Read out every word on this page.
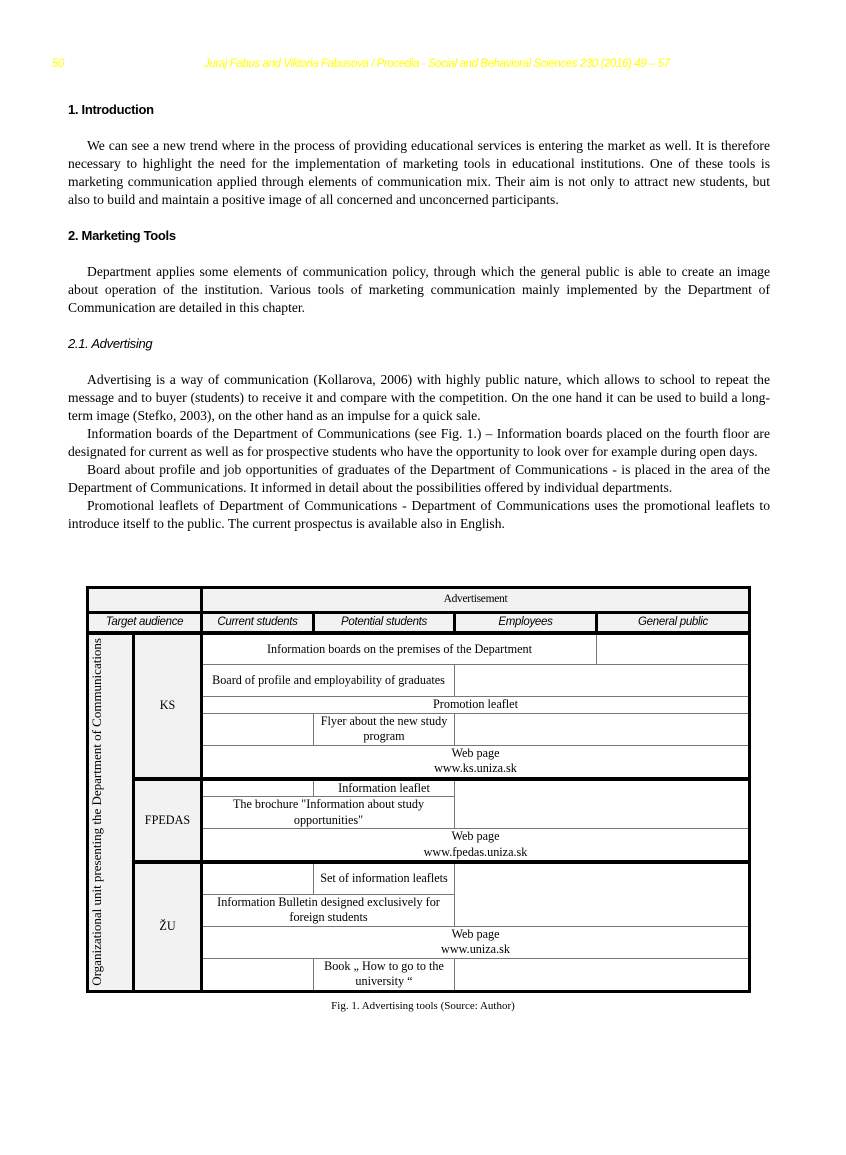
50	Juraj Fabus and Viktoria Fabusova / Procedia - Social and Behavioral Sciences 230 (2016) 49 – 57
1. Introduction
We can see a new trend where in the process of providing educational services is entering the market as well. It is therefore necessary to highlight the need for the implementation of marketing tools in educational institutions. One of these tools is marketing communication applied through elements of communication mix. Their aim is not only to attract new students, but also to build and maintain a positive image of all concerned and unconcerned participants.
2. Marketing Tools
Department applies some elements of communication policy, through which the general public is able to create an image about operation of the institution. Various tools of marketing communication mainly implemented by the Department of Communication are detailed in this chapter.
2.1. Advertising
Advertising is a way of communication (Kollarova, 2006) with highly public nature, which allows to school to repeat the message and to buyer (students) to receive it and compare with the competition. On the one hand it can be used to build a long-term image (Stefko, 2003), on the other hand as an impulse for a quick sale.
Information boards of the Department of Communications (see Fig. 1.) – Information boards placed on the fourth floor are designated for current as well as for prospective students who have the opportunity to look over for example during open days.
Board about profile and job opportunities of graduates of the Department of Communications - is placed in the area of the Department of Communications. It informed in detail about the possibilities offered by individual departments.
Promotional leaflets of Department of Communications - Department of Communications uses the promotional leaflets to introduce itself to the public. The current prospectus is available also in English.
		Advertisement			
Target audience		Current students	Potential students	Employees	General public

Organizational unit presenting the Department of Communications	KS	Information boards on the premises of the Department			
		Board of profile and employability of graduates			
		Promotion leaflet			
			Flyer about the new study program		

		Web page
www.ks.uniza.sk			

	FPEDAS		Information leaflet		
		The brochure "Information about study opportunities"			

		Web page
www.fpedas.uniza.sk			

	ŽU		Set of information leaflets		
		Information Bulletin designed exclusively for foreign students			

		Web page
www.uniza.sk			

			Book „ How to go to the university “		
Fig. 1. Advertising tools (Source: Author)
